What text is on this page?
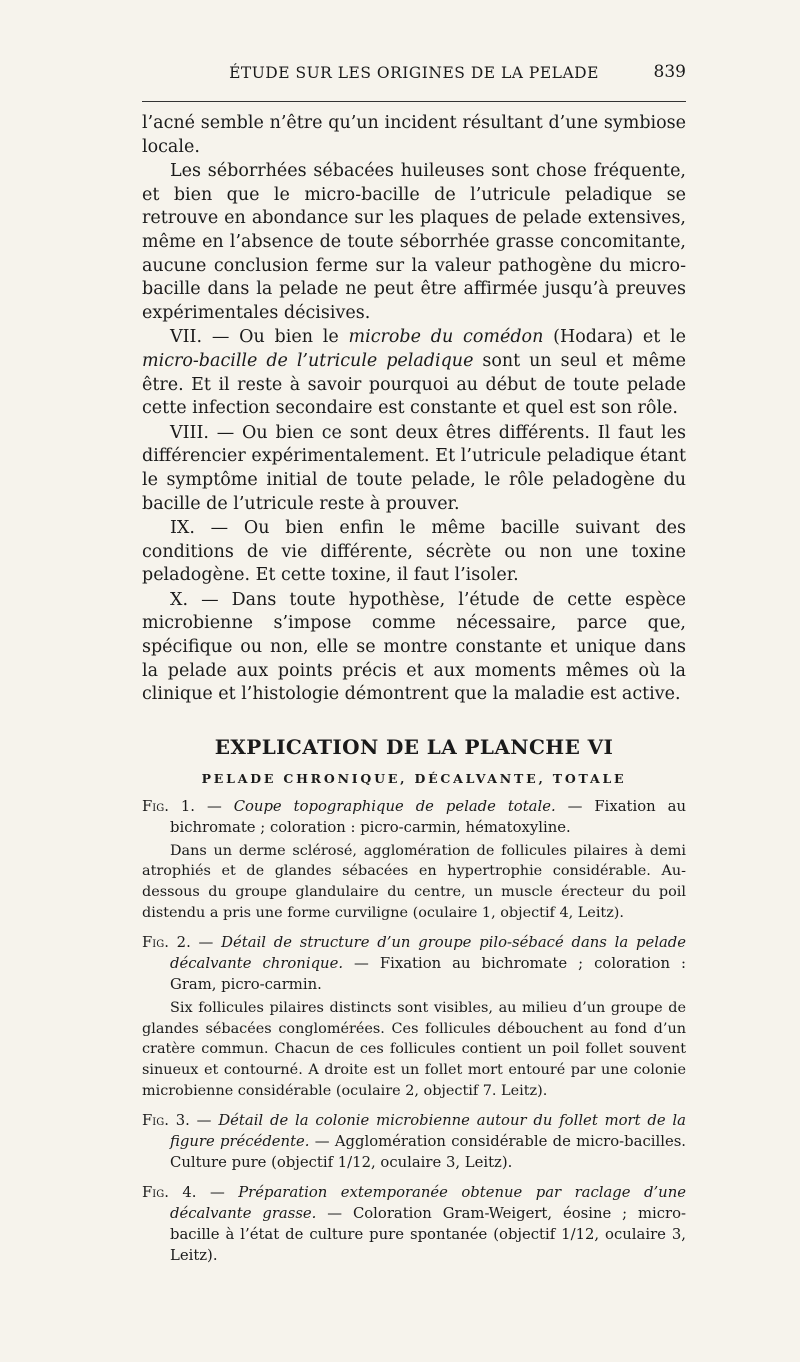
ÉTUDE SUR LES ORIGINES DE LA PELADE	839

l’acné semble n’être qu’un incident résultant d’une symbiose locale.

Les séborrhées sébacées huileuses sont chose fréquente, et bien que le micro-bacille de l’utricule peladique se retrouve en abondance sur les plaques de pelade extensives, même en l’absence de toute séborrhée grasse concomitante, aucune conclusion ferme sur la valeur pathogène du micro-bacille dans la pelade ne peut être affirmée jusqu’à preuves expérimentales décisives.

VII. — Ou bien le microbe du comédon (Hodara) et le micro-bacille de l’utricule peladique sont un seul et même être. Et il reste à savoir pourquoi au début de toute pelade cette infection secondaire est constante et quel est son rôle.

VIII. — Ou bien ce sont deux êtres différents. Il faut les différencier expérimentalement. Et l’utricule peladique étant le symptôme initial de toute pelade, le rôle peladogène du bacille de l’utricule reste à prouver.

IX. — Ou bien enfin le même bacille suivant des conditions de vie différente, sécrète ou non une toxine peladogène. Et cette toxine, il faut l’isoler.

X. — Dans toute hypothèse, l’étude de cette espèce microbienne s’impose comme nécessaire, parce que, spécifique ou non, elle se montre constante et unique dans la pelade aux points précis et aux moments mêmes où la clinique et l’histologie démontrent que la maladie est active.

EXPLICATION DE LA PLANCHE VI
PELADE CHRONIQUE, DÉCALVANTE, TOTALE

Fig. 1. — Coupe topographique de pelade totale. — Fixation au bichromate ; coloration : picro-carmin, hématoxyline.

Dans un derme sclérosé, agglomération de follicules pilaires à demi atrophiés et de glandes sébacées en hypertrophie considérable. Au-dessous du groupe glandulaire du centre, un muscle érecteur du poil distendu a pris une forme curviligne (oculaire 1, objectif 4, Leitz).

Fig. 2. — Détail de structure d’un groupe pilo-sébacé dans la pelade décalvante chronique. — Fixation au bichromate ; coloration : Gram, picro-carmin.

Six follicules pilaires distincts sont visibles, au milieu d’un groupe de glandes sébacées conglomérées. Ces follicules débouchent au fond d’un cratère commun. Chacun de ces follicules contient un poil follet souvent sinueux et contourné. A droite est un follet mort entouré par une colonie microbienne considérable (oculaire 2, objectif 7. Leitz).

Fig. 3. — Détail de la colonie microbienne autour du follet mort de la figure précédente. — Agglomération considérable de micro-bacilles. Culture pure (objectif 1/12, oculaire 3, Leitz).

Fig. 4. — Préparation extemporanée obtenue par raclage d’une décalvante grasse. — Coloration Gram-Weigert, éosine ; micro-bacille à l’état de culture pure spontanée (objectif 1/12, oculaire 3, Leitz).
